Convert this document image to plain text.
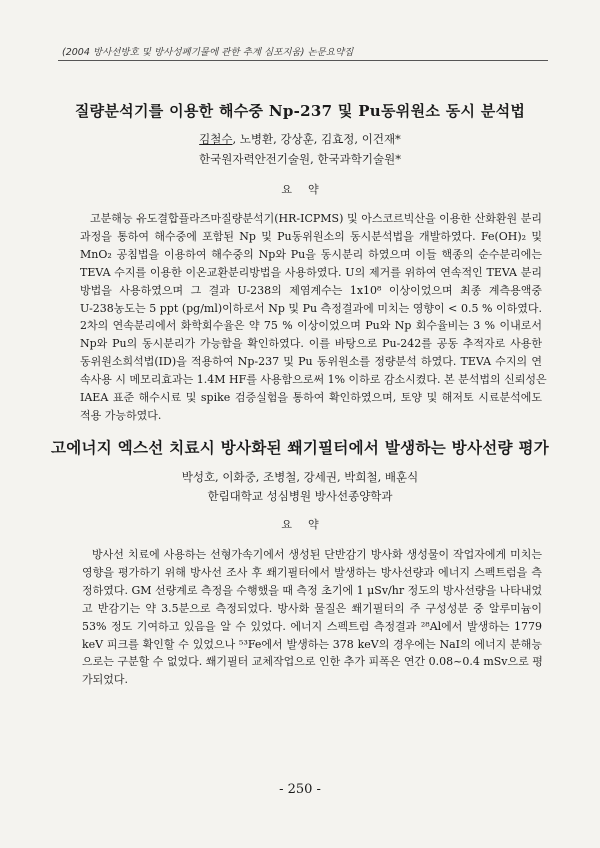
(2004 방사선방호 및 방사성폐기물에 관한 추계 심포지움) 논문요약집
질량분석기를 이용한 해수중 Np-237 및 Pu동위원소 동시 분석법
김철수, 노병환, 강상훈, 김효정, 이건재*
한국원자력안전기술원, 한국과학기술원*
요약
고분해능 유도결합플라즈마질량분석기(HR-ICPMS) 및 아스코르빅산을 이용한 산화환원 분리
과정을 통하여 해수중에 포함된 Np 및 Pu동위원소의 동시분석법을 개발하였다. Fe(OH)₂ 및
MnO₂ 공침법을 이용하여 해수중의 Np와 Pu을 동시분리 하였으며 이들 핵종의 순수분리에는
TEVA 수지를 이용한 이온교환분리방법을 사용하였다. U의 제거를 위하여 연속적인 TEVA 분리
방법을 사용하였으며 그 결과 U-238의 제염계수는 1x10⁸ 이상이었으며 최종 계측용액중
U-238농도는 5 ppt (pg/ml)이하로서 Np 및 Pu 측정결과에 미치는 영향이 < 0.5 % 이하였다.
2차의 연속분리에서 화학회수율은 약 75 % 이상이었으며 Pu와 Np 회수율비는 3 % 이내로서
Np와 Pu의 동시분리가 가능함을 확인하였다. 이를 바탕으로 Pu-242를 공동 추적자로 사용한
동위원소희석법(ID)을 적용하여 Np-237 및 Pu 동위원소를 정량분석 하였다. TEVA 수지의 연
속사용 시 메모리효과는 1.4M HF를 사용함으로써 1% 이하로 감소시켰다. 본 분석법의 신뢰성은
IAEA 표준 해수시료 및 spike 검증실험을 통하여 확인하였으며, 토양 및 해저토 시료분석에도
적용 가능하였다.
고에너지 엑스선 치료시 방사화된 쐐기필터에서 발생하는 방사선량 평가
박성호, 이화중, 조병철, 강세권, 박희철, 배훈식
한림대학교 성심병원 방사선종양학과
요약
방사선 치료에 사용하는 선형가속기에서 생성된 단반감기 방사화 생성물이 작업자에게 미치는
영향을 평가하기 위해 방사선 조사 후 쐐기필터에서 발생하는 방사선량과 에너지 스펙트럼을 측
정하였다. GM 선량계로 측정을 수행했을 때 측정 초기에 1 μSv/hr 정도의 방사선량을 나타내었
고 반감기는 약 3.5분으로 측정되었다. 방사화 물질은 쐐기필터의 주 구성성분 중 알루미늄이
53% 정도 기여하고 있음을 알 수 있었다. 에너지 스펙트럼 측정결과 ²⁸Al에서 발생하는 1779
keV 피크를 확인할 수 있었으나 ⁵³Fe에서 발생하는 378 keV의 경우에는 NaI의 에너지 분해능
으로는 구분할 수 없었다. 쐐기필터 교체작업으로 인한 추가 피폭은 연간 0.08~0.4 mSv으로 평
가되었다.
- 250 -
